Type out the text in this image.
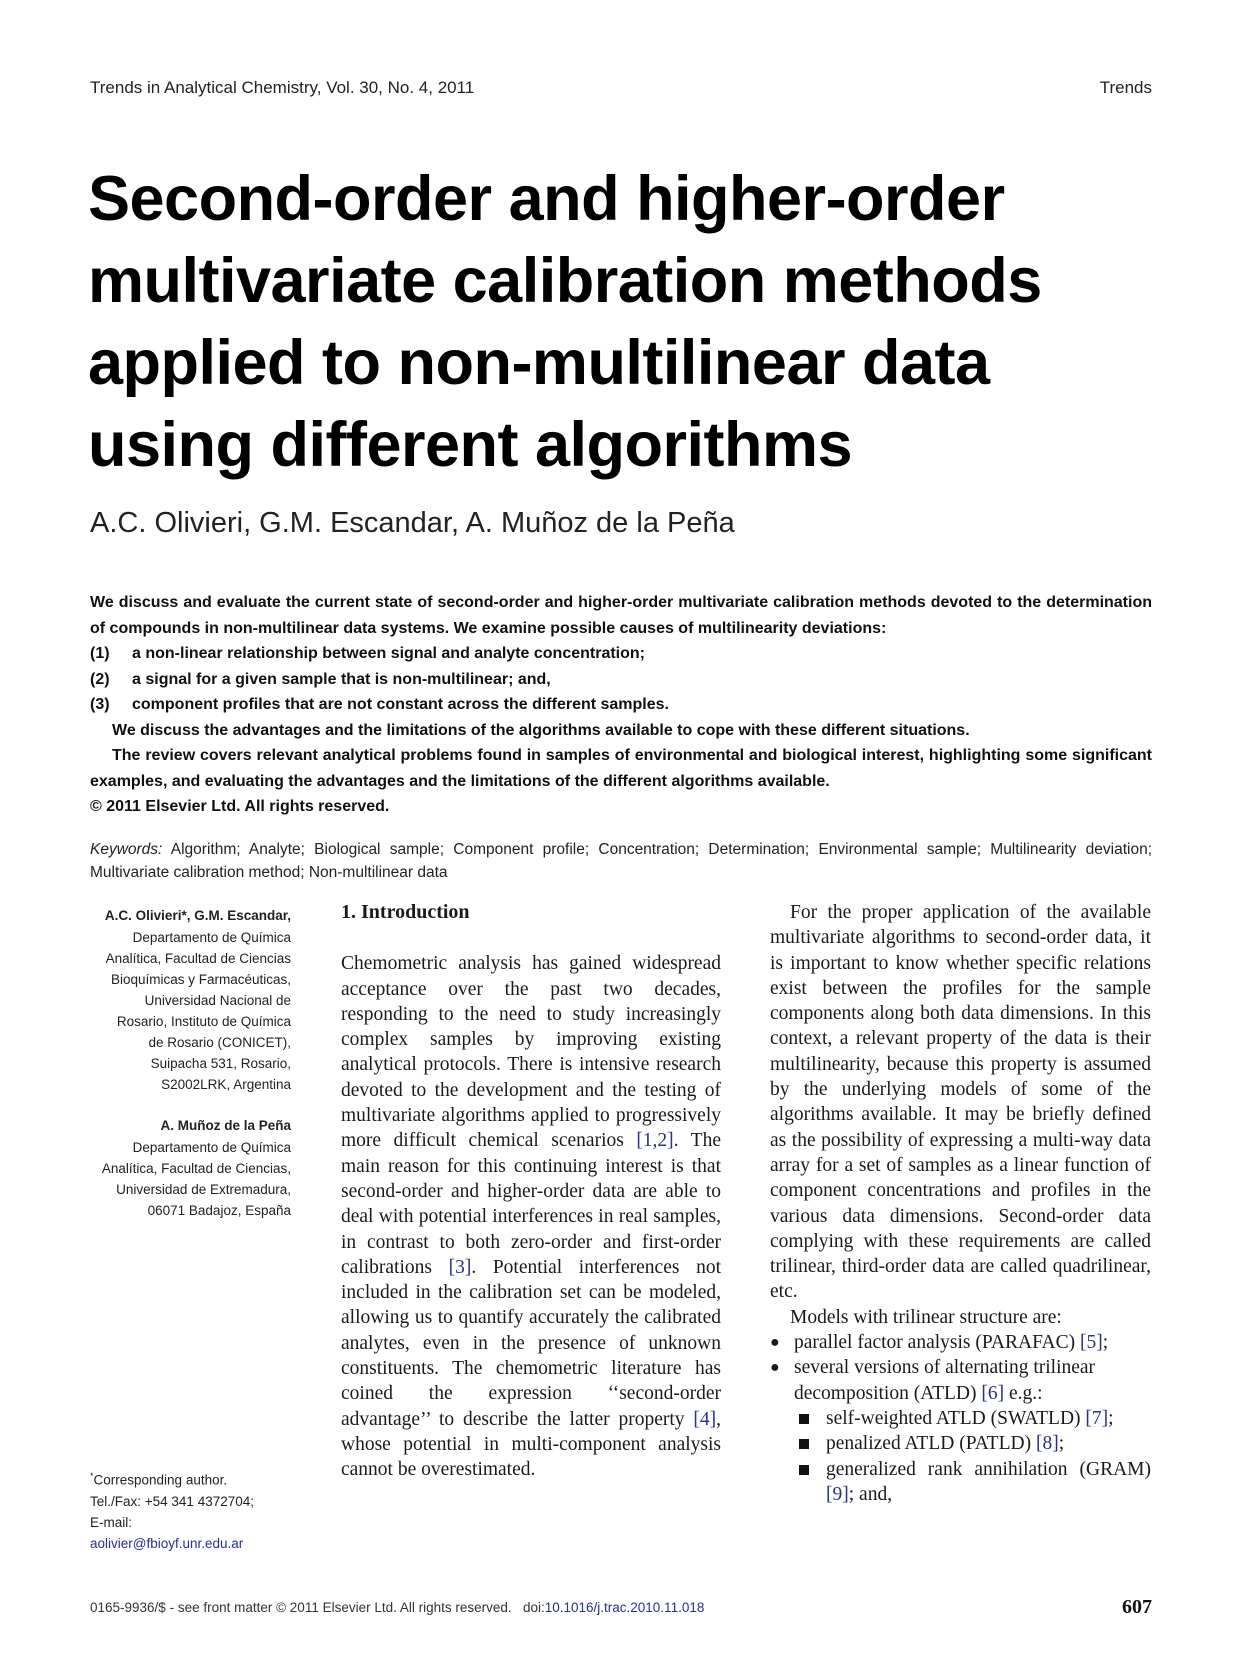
Trends in Analytical Chemistry, Vol. 30, No. 4, 2011	Trends
Second-order and higher-order multivariate calibration methods applied to non-multilinear data using different algorithms
A.C. Olivieri, G.M. Escandar, A. Muñoz de la Peña

We discuss and evaluate the current state of second-order and higher-order multivariate calibration methods devoted to the determination of compounds in non-multilinear data systems. We examine possible causes of multilinearity deviations:

(1) a non-linear relationship between signal and analyte concentration;
(2) a signal for a given sample that is non-multilinear; and,
(3) component profiles that are not constant across the different samples.

We discuss the advantages and the limitations of the algorithms available to cope with these different situations.

The review covers relevant analytical problems found in samples of environmental and biological interest, highlighting some significant examples, and evaluating the advantages and the limitations of the different algorithms available.

© 2011 Elsevier Ltd. All rights reserved.

Keywords: Algorithm; Analyte; Biological sample; Component profile; Concentration; Determination; Environmental sample; Multilinearity deviation; Multivariate calibration method; Non-multilinear data
A.C. Olivieri*, G.M. Escandar,
Departamento de Química
Analítica, Facultad de Ciencias
Bioquímicas y Farmacéuticas,
Universidad Nacional de
Rosario, Instituto de Química
de Rosario (CONICET),
Suipacha 531, Rosario,
S2002LRK, Argentina
A. Muñoz de la Peña
Departamento de Química
Analítica, Facultad de Ciencias,
Universidad de Extremadura,
06071 Badajoz, España
*Corresponding author.
Tel./Fax: +54 341 4372704;
E-mail:
aolivier@fbioyf.unr.edu.ar
1. Introduction

Chemometric analysis has gained widespread acceptance over the past two decades, responding to the need to study increasingly complex samples by improving existing analytical protocols. There is intensive research devoted to the development and the testing of multivariate algorithms applied to progressively more difficult chemical scenarios [1,2]. The main reason for this continuing interest is that second-order and higher-order data are able to deal with potential interferences in real samples, in contrast to both zero-order and first-order calibrations [3]. Potential interferences not included in the calibration set can be modeled, allowing us to quantify accurately the calibrated analytes, even in the presence of unknown constituents. The chemometric literature has coined the expression ‘‘second-order advantage’’ to describe the latter property [4], whose potential in multi-component analysis cannot be overestimated.

For the proper application of the available multivariate algorithms to second-order data, it is important to know whether specific relations exist between the profiles for the sample components along both data dimensions. In this context, a relevant property of the data is their multilinearity, because this property is assumed by the underlying models of some of the algorithms available. It may be briefly defined as the possibility of expressing a multi-way data array for a set of samples as a linear function of component concentrations and profiles in the various data dimensions. Second-order data complying with these requirements are called trilinear, third-order data are called quadrilinear, etc.

Models with trilinear structure are:

● parallel factor analysis (PARAFAC) [5];
● several versions of alternating trilinear decomposition (ATLD) [6] e.g.:
self-weighted ATLD (SWATLD) [7];
penalized ATLD (PATLD) [8];
generalized rank annihilation (GRAM) [9]; and,
0165-9936/$ - see front matter © 2011 Elsevier Ltd. All rights reserved. doi:10.1016/j.trac.2010.11.018	607
